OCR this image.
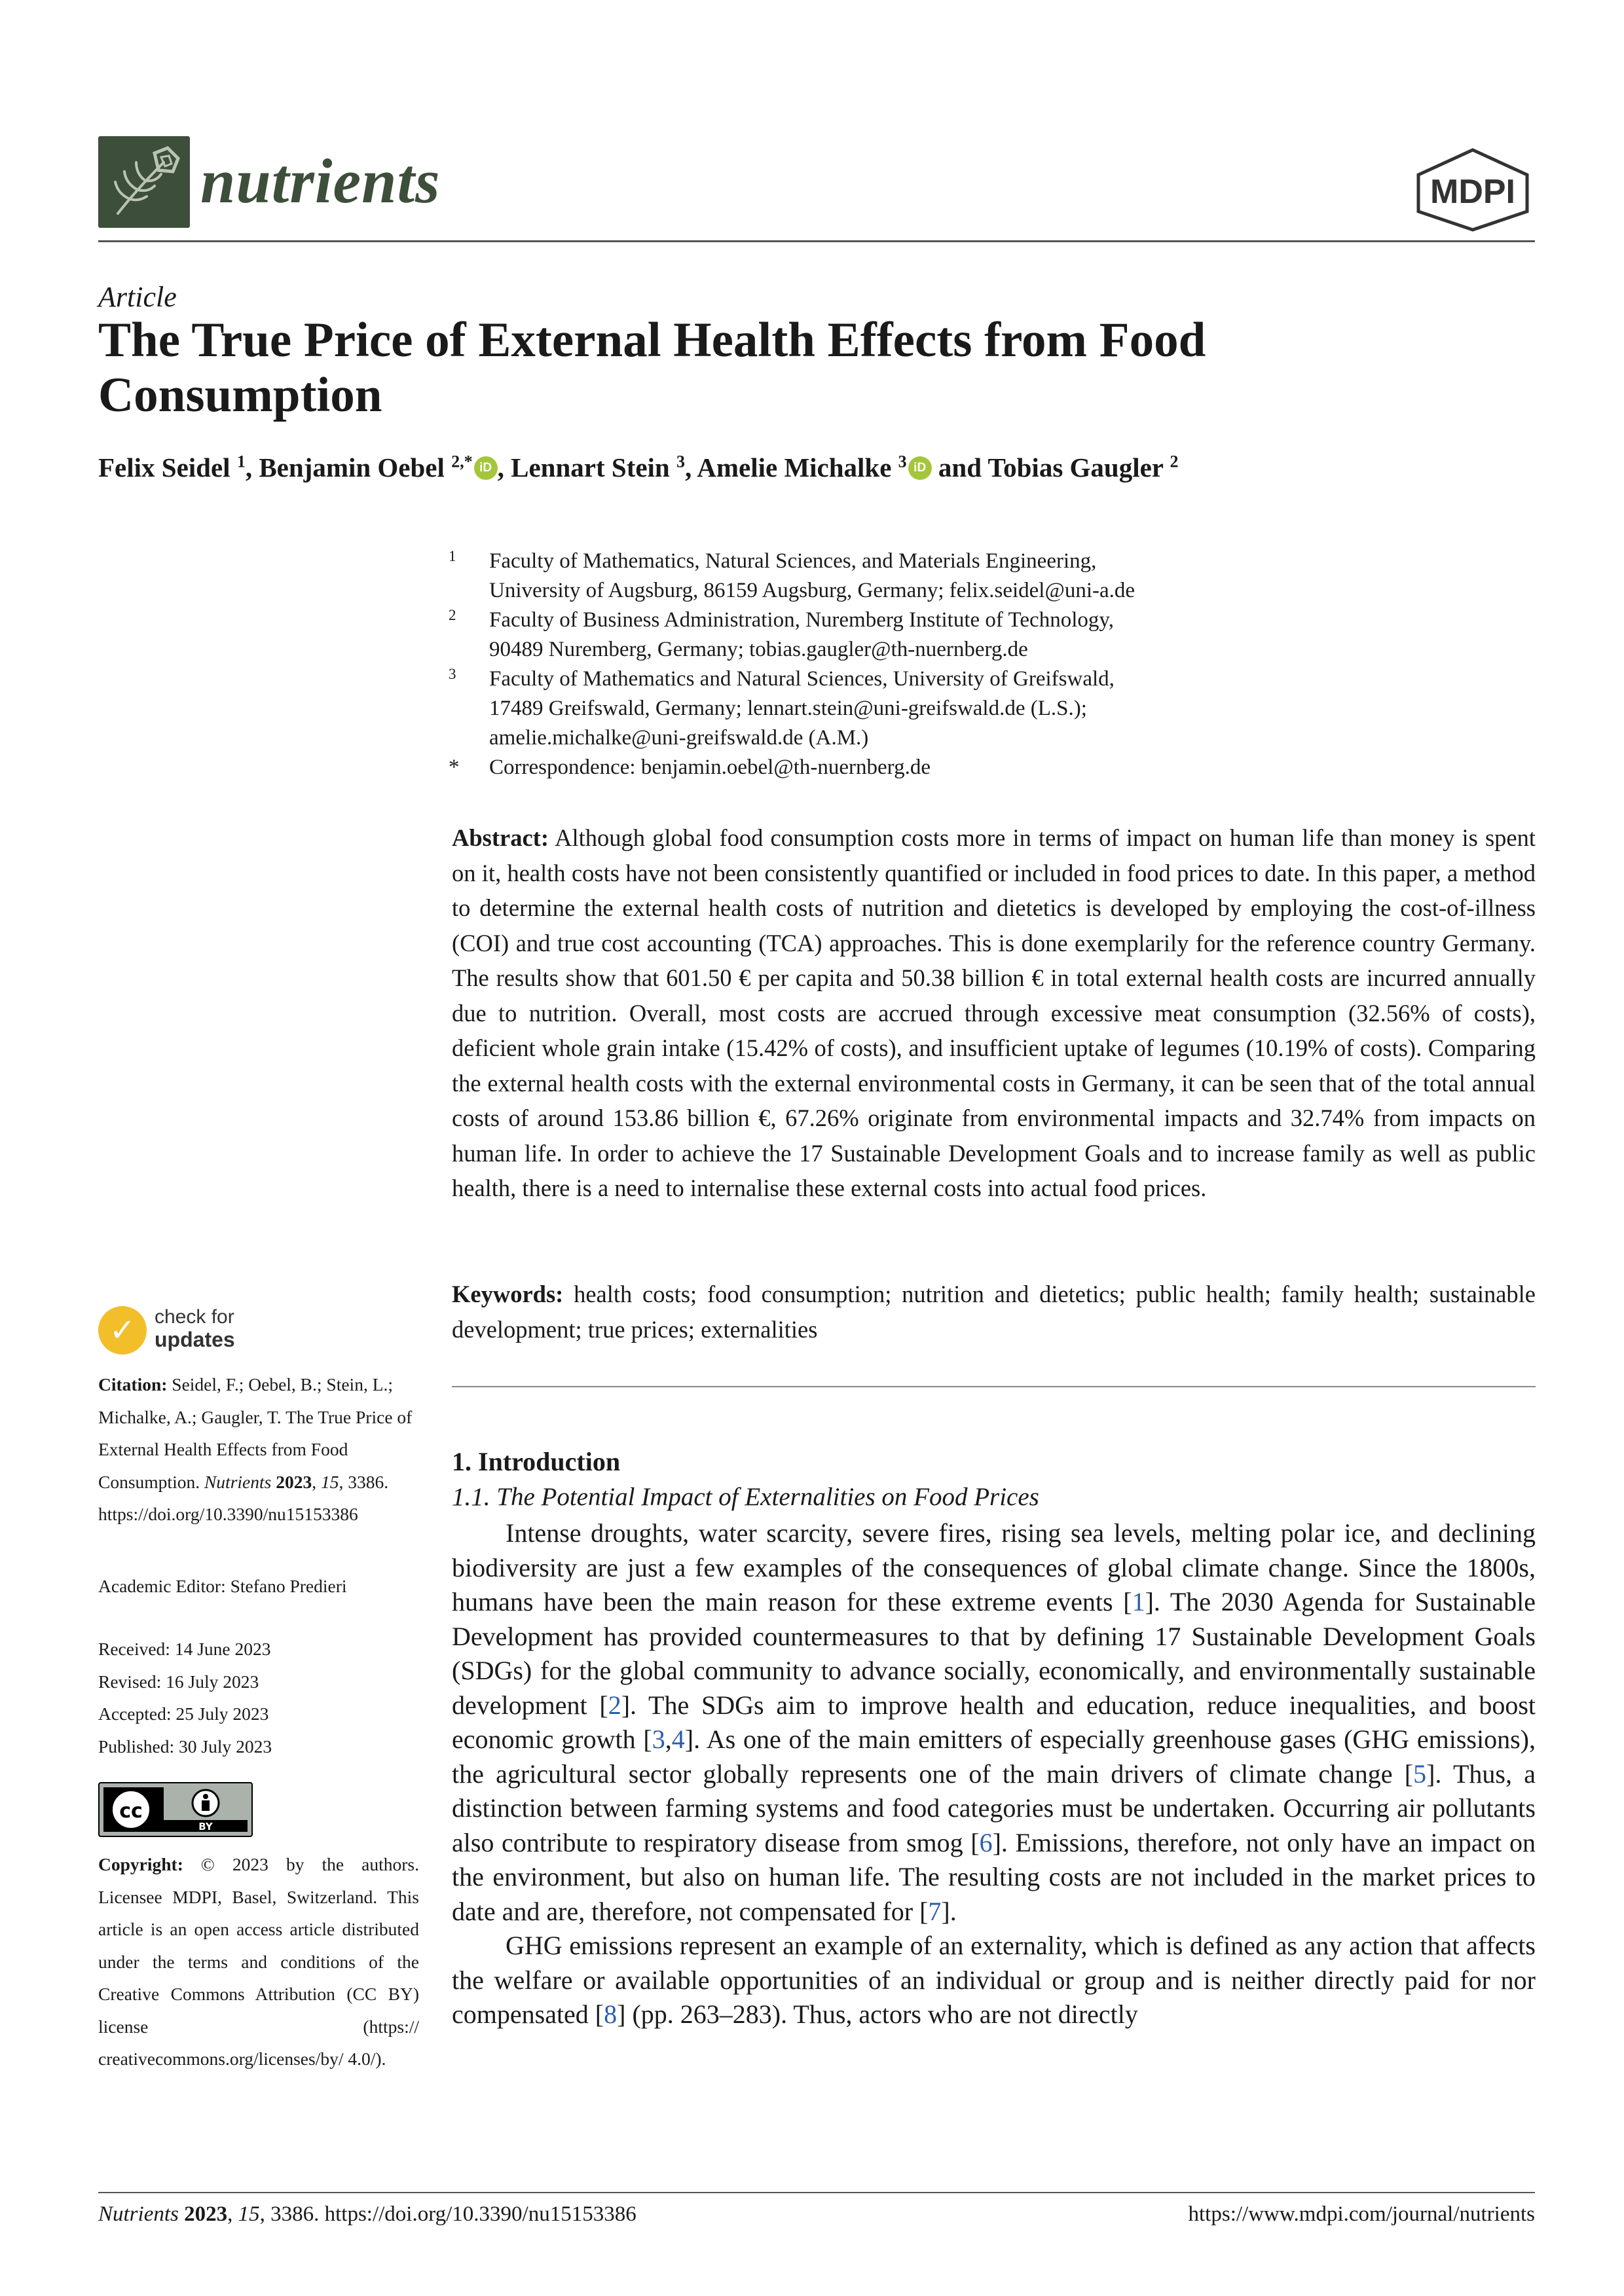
nutrients	MDPI
Article
The True Price of External Health Effects from Food Consumption
Felix Seidel $^1$, Benjamin Oebel $^{2,*}$ iD , Lennart Stein $^3$, Amelie Michalke $^3$ iD and Tobias Gaugler $^2$
1 Faculty of Mathematics, Natural Sciences, and Materials Engineering,
University of Augsburg, 86159 Augsburg, Germany; felix.seidel@uni-a.de
2 Faculty of Business Administration, Nuremberg Institute of Technology,
90489 Nuremberg, Germany; tobias.gaugler@th-nuernberg.de
3 Faculty of Mathematics and Natural Sciences, University of Greifswald,
17489 Greifswald, Germany; lennart.stein@uni-greifswald.de (L.S.);
amelie.michalke@uni-greifswald.de (A.M.)
* Correspondence: benjamin.oebel@th-nuernberg.de

Abstract: Although global food consumption costs more in terms of impact on human life than money is spent on it, health costs have not been consistently quantified or included in food prices to date. In this paper, a method to determine the external health costs of nutrition and dietetics is developed by employing the cost-of-illness (COI) and true cost accounting (TCA) approaches. This is done exemplarily for the reference country Germany. The results show that 601.50 € per capita and 50.38 billion € in total external health costs are incurred annually due to nutrition. Overall, most costs are accrued through excessive meat consumption (32.56% of costs), deficient whole grain intake (15.42% of costs), and insufficient uptake of legumes (10.19% of costs). Comparing the external health costs with the external environmental costs in Germany, it can be seen that of the total annual costs of around 153.86 billion €, 67.26% originate from environmental impacts and 32.74% from impacts on human life. In order to achieve the 17 Sustainable Development Goals and to increase family as well as public health, there is a need to internalise these external costs into actual food prices.

Keywords: health costs; food consumption; nutrition and dietetics; public health; family health; sustainable development; true prices; externalities

1. Introduction
1.1. The Potential Impact of Externalities on Food Prices

Intense droughts, water scarcity, severe fires, rising sea levels, melting polar ice, and declining biodiversity are just a few examples of the consequences of global climate change. Since the 1800s, humans have been the main reason for these extreme events [1]. The 2030 Agenda for Sustainable Development has provided countermeasures to that by defining 17 Sustainable Development Goals (SDGs) for the global community to advance socially, economically, and environmentally sustainable development [2]. The SDGs aim to improve health and education, reduce inequalities, and boost economic growth [3,4]. As one of the main emitters of especially greenhouse gases (GHG emissions), the agricultural sector globally represents one of the main drivers of climate change [5]. Thus, a distinction between farming systems and food categories must be undertaken. Occurring air pollutants also contribute to respiratory disease from smog [6]. Emissions, therefore, not only have an impact on the environment, but also on human life. The resulting costs are not included in the market prices to date and are, therefore, not compensated for [7].

GHG emissions represent an example of an externality, which is defined as any action that affects the welfare or available opportunities of an individual or group and is neither directly paid for nor compensated [8] (pp. 263–283). Thus, actors who are not directly

✓ check for
updates

Citation: Seidel, F.; Oebel, B.; Stein, L.; Michalke, A.; Gaugler, T. The True Price of External Health Effects from Food Consumption. Nutrients 2023, 15, 3386. https://doi.org/10.3390/nu15153386

Academic Editor: Stefano Predieri

Received: 14 June 2023
Revised: 16 July 2023
Accepted: 25 July 2023
Published: 30 July 2023
cc
BY

Copyright: © 2023 by the authors. Licensee MDPI, Basel, Switzerland. This article is an open access article distributed under the terms and conditions of the Creative Commons Attribution (CC BY) license (https:// creativecommons.org/licenses/by/ 4.0/).

Nutrients 2023, 15, 3386. https://doi.org/10.3390/nu15153386	https://www.mdpi.com/journal/nutrients
